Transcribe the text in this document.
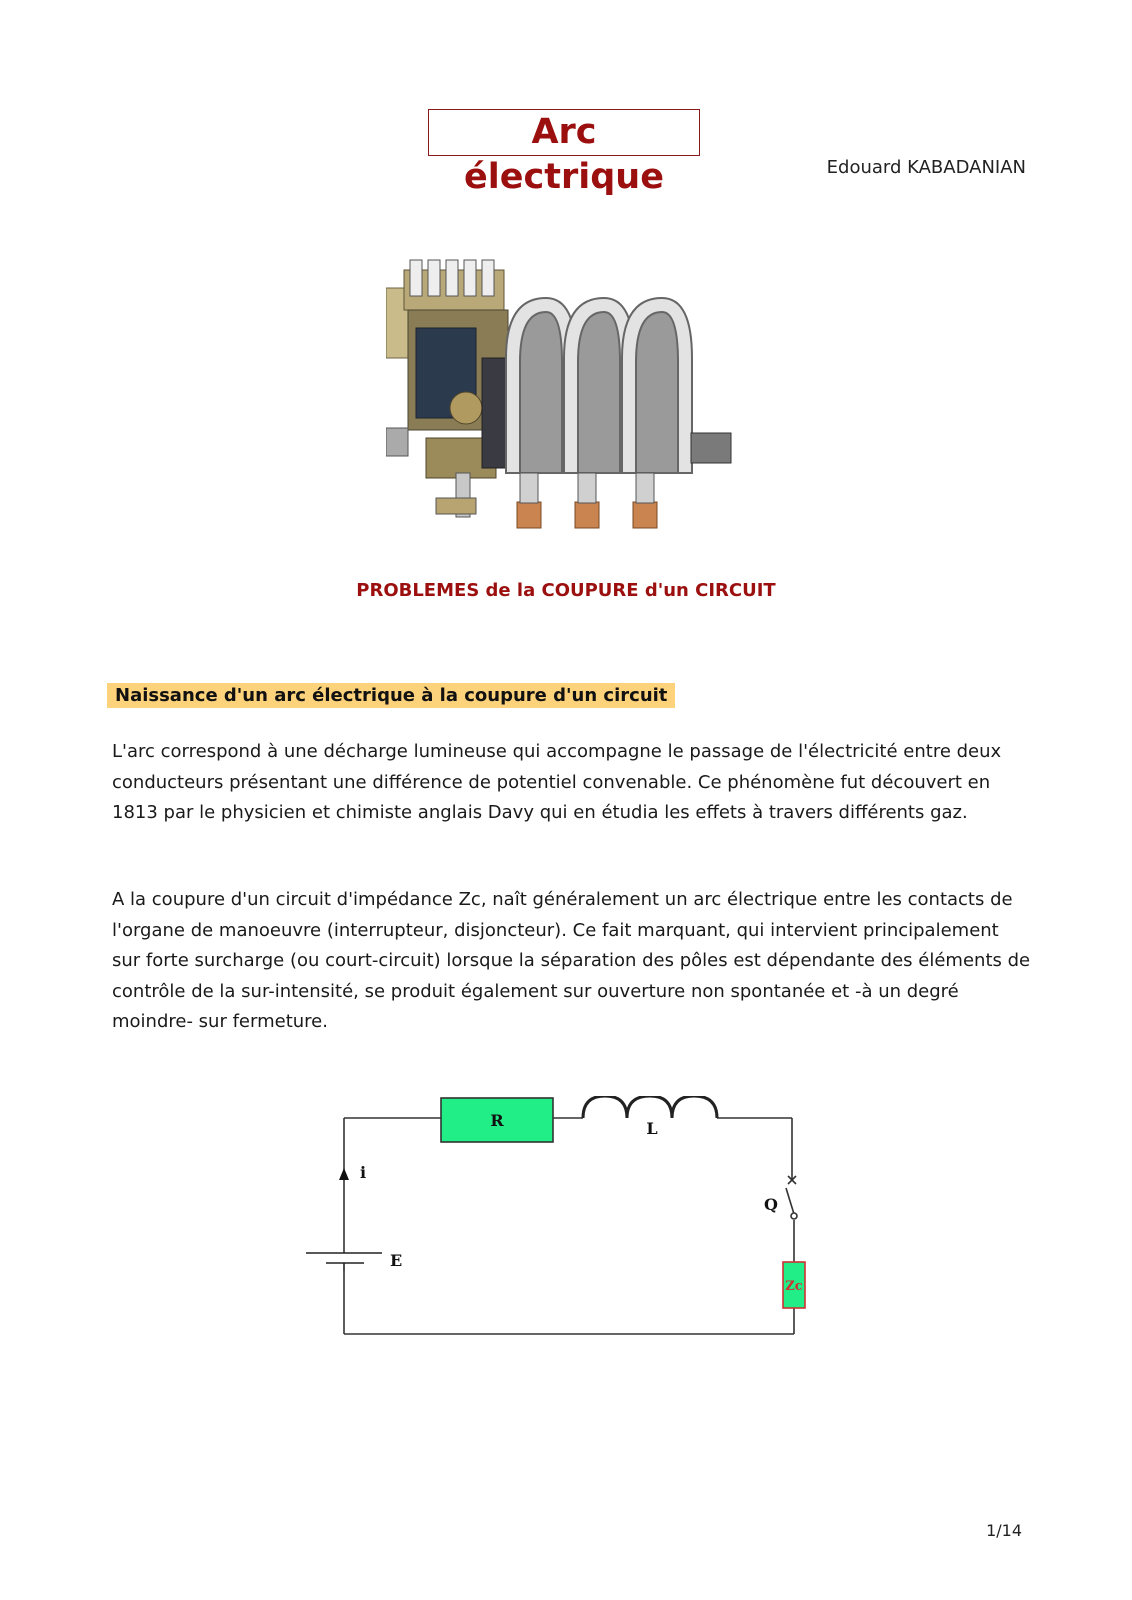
Arc électrique	Edouard KABADANIAN
PROBLEMES de la COUPURE d'un CIRCUIT
Naissance d'un arc électrique à la coupure d'un circuit

L'arc correspond à une décharge lumineuse qui accompagne le passage de l'électricité entre deux conducteurs présentant une différence de potentiel convenable. Ce phénomène fut découvert en 1813 par le physicien et chimiste anglais Davy qui en étudia les effets à travers différents gaz.

A la coupure d'un circuit d'impédance Zc, naît généralement un arc électrique entre les contacts de l'organe de manoeuvre (interrupteur, disjoncteur). Ce fait marquant, qui intervient principalement sur forte surcharge (ou court-circuit) lorsque la séparation des pôles est dépendante des éléments de contrôle de la sur-intensité, se produit également sur ouverture non spontanée et -à un degré moindre- sur fermeture.

R	L
i
E
Q
Zc
1/14
